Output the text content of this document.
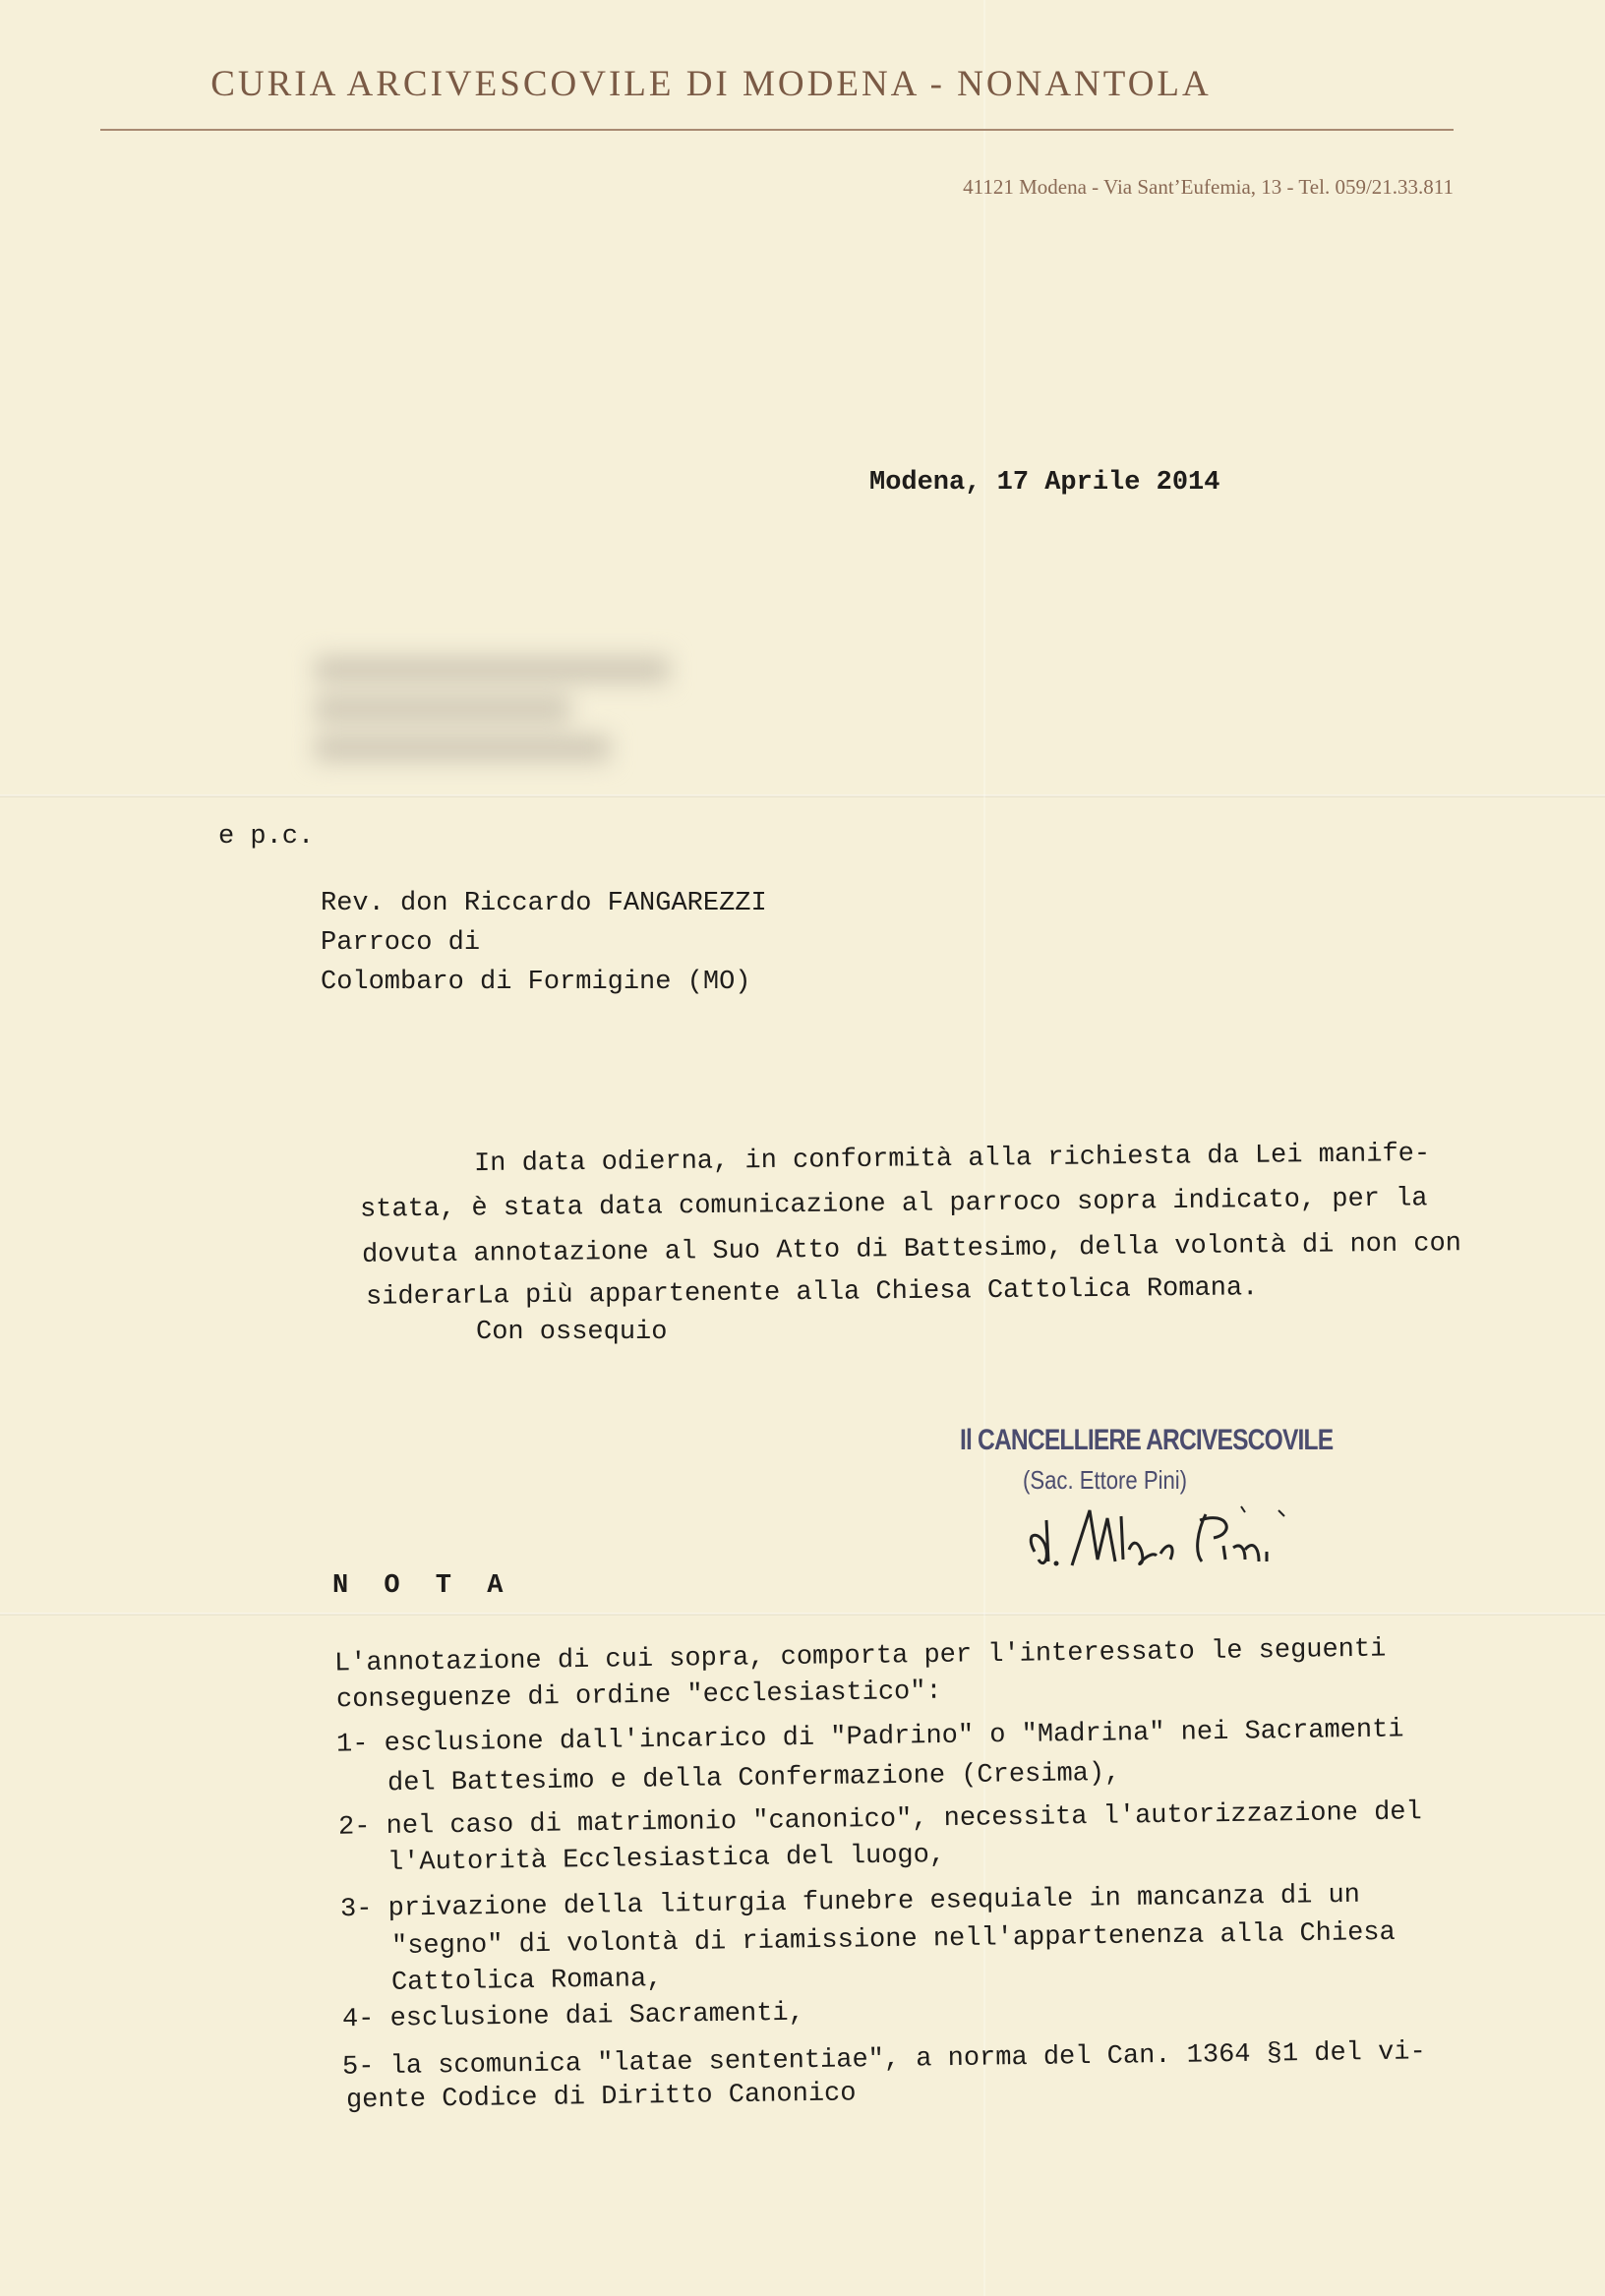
CURIA ARCIVESCOVILE DI MODENA - NONANTOLA
41121 Modena - Via Sant’Eufemia, 13 - Tel. 059/21.33.811
Modena, 17 Aprile 2014
e p.c.
Rev. don Riccardo FANGAREZZI
Parroco di
Colombaro di Formigine (MO)
In data odierna, in conformità alla richiesta da Lei manife-
stata, è stata data comunicazione al parroco sopra indicato, per la
dovuta annotazione al Suo Atto di Battesimo, della volontà di non con
siderarLa più appartenente alla Chiesa Cattolica Romana.
Con ossequio
Il CANCELLIERE ARCIVESCOVILE
(Sac. Ettore Pini)
N O T A
L'annotazione di cui sopra, comporta per l'interessato le seguenti
conseguenze di ordine "ecclesiastico":
1- esclusione dall'incarico di "Padrino" o "Madrina" nei Sacramenti
del Battesimo e della Confermazione (Cresima),
2- nel caso di matrimonio "canonico", necessita l'autorizzazione del
l'Autorità Ecclesiastica del luogo,
3- privazione della liturgia funebre esequiale in mancanza di un
"segno" di volontà di riamissione nell'appartenenza alla Chiesa
Cattolica Romana,
4- esclusione dai Sacramenti,
5- la scomunica "latae sententiae", a norma del Can. 1364 §1 del vi-
gente Codice di Diritto Canonico
